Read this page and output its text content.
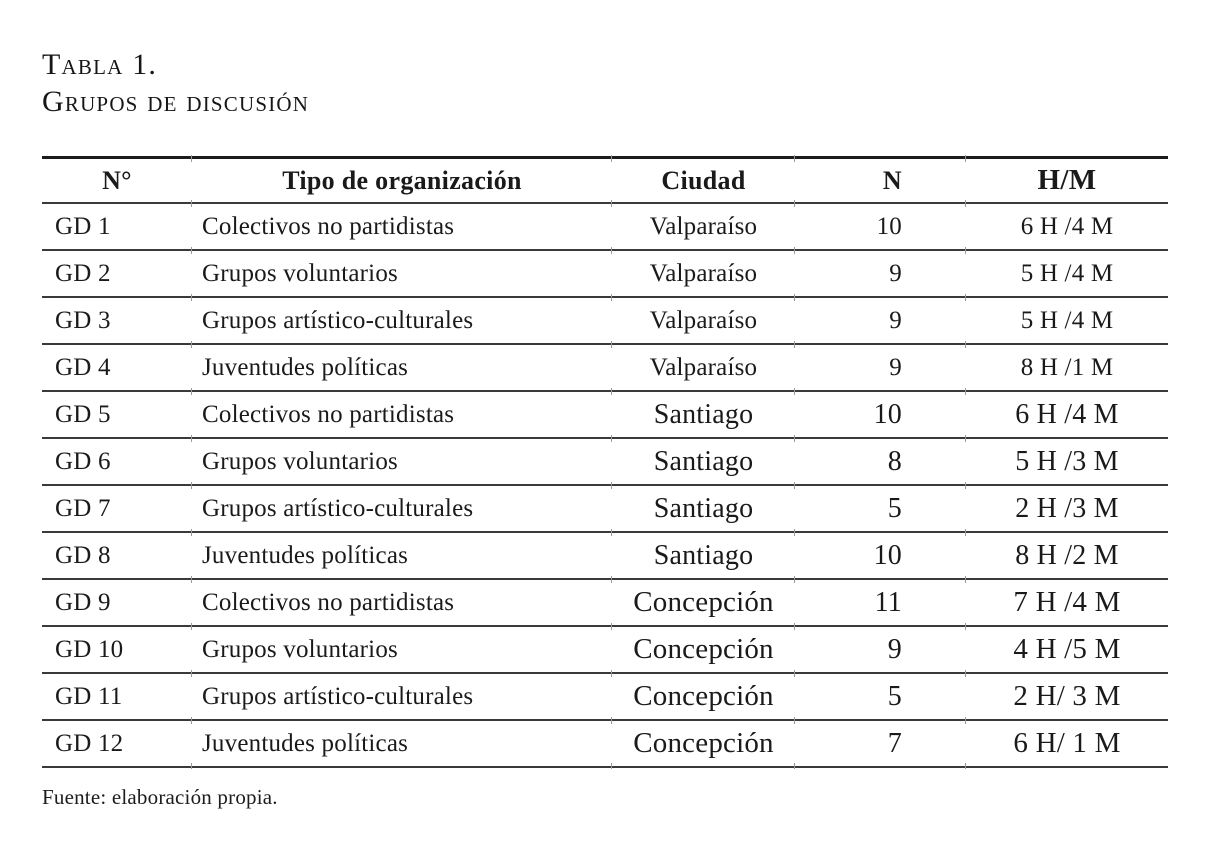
Tabla 1.
Grupos de discusión
N°	Tipo de organización	Ciudad	N	H/M
GD 1	Colectivos no partidistas	Valparaíso	10	6 H /4 M
GD 2	Grupos voluntarios	Valparaíso	9	5 H /4 M
GD 3	Grupos artístico-culturales	Valparaíso	9	5 H /4 M
GD 4	Juventudes políticas	Valparaíso	9	8 H /1 M
GD 5	Colectivos no partidistas	Santiago	10	6 H /4 M
GD 6	Grupos voluntarios	Santiago	8	5 H /3 M
GD 7	Grupos artístico-culturales	Santiago	5	2 H /3 M
GD 8	Juventudes políticas	Santiago	10	8 H /2 M
GD 9	Colectivos no partidistas	Concepción	11	7 H /4 M
GD 10	Grupos voluntarios	Concepción	9	4 H /5 M
GD 11	Grupos artístico-culturales	Concepción	5	2 H/ 3 M
GD 12	Juventudes políticas	Concepción	7	6 H/ 1 M
Fuente: elaboración propia.
